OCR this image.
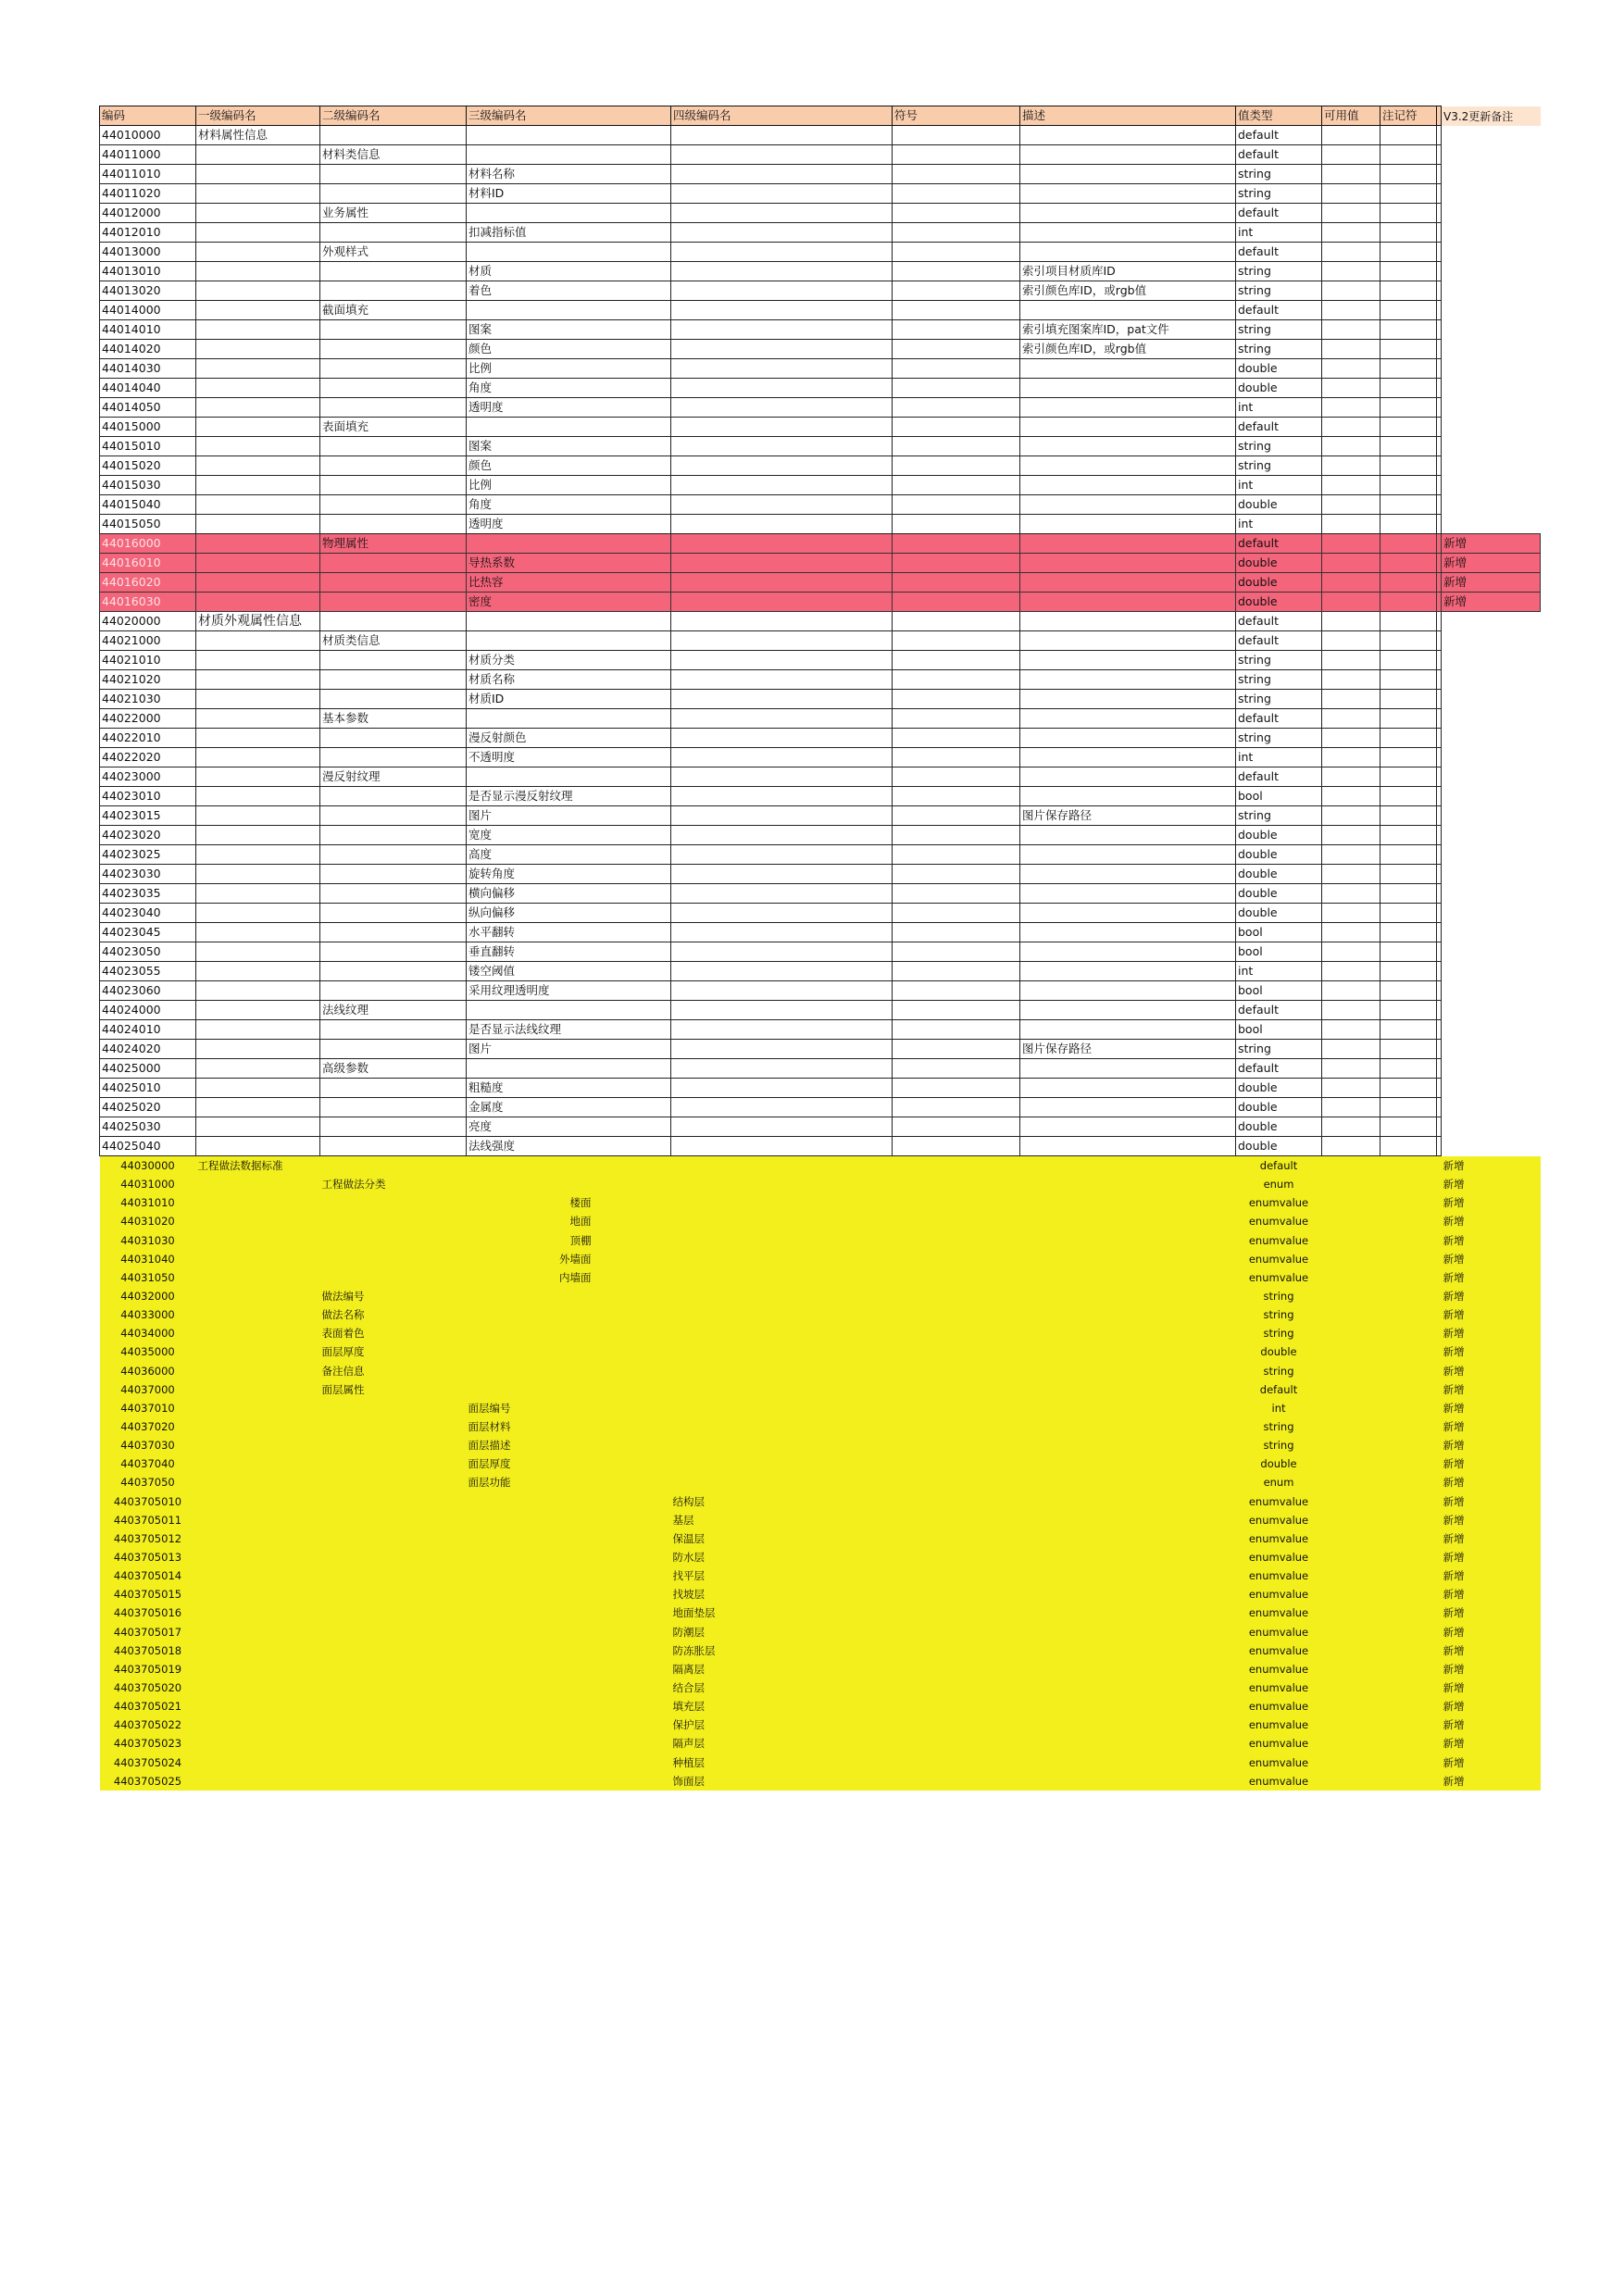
编码	一级编码名	二级编码名	三级编码名	四级编码名	符号	描述	值类型	可用值	注记符		V3.2更新备注
44010000	材料属性信息						default				
44011000		材料类信息					default				
44011010			材料名称				string				
44011020			材料ID				string				
44012000		业务属性					default				
44012010			扣减指标值				int				
44013000		外观样式					default				
44013010			材质			索引项目材质库ID	string				
44013020			着色			索引颜色库ID，或rgb值	string				
44014000		截面填充					default				
44014010			图案			索引填充图案库ID，pat文件	string				
44014020			颜色			索引颜色库ID，或rgb值	string				
44014030			比例				double				
44014040			角度				double				
44014050			透明度				int				
44015000		表面填充					default				
44015010			图案				string				
44015020			颜色				string				
44015030			比例				int				
44015040			角度				double				
44015050			透明度				int				
44016000		物理属性					default				新增
44016010			导热系数				double				新增
44016020			比热容				double				新增
44016030			密度				double				新增
44020000	材质外观属性信息						default				
44021000		材质类信息					default				
44021010			材质分类				string				
44021020			材质名称				string				
44021030			材质ID				string				
44022000		基本参数					default				
44022010			漫反射颜色				string				
44022020			不透明度				int				
44023000		漫反射纹理					default				
44023010			是否显示漫反射纹理				bool				
44023015			图片			图片保存路径	string				
44023020			宽度				double				
44023025			高度				double				
44023030			旋转角度				double				
44023035			横向偏移				double				
44023040			纵向偏移				double				
44023045			水平翻转				bool				
44023050			垂直翻转				bool				
44023055			镂空阈值				int				
44023060			采用纹理透明度				bool				
44024000		法线纹理					default				
44024010			是否显示法线纹理				bool				
44024020			图片			图片保存路径	string				
44025000		高级参数					default				
44025010			粗糙度				double				
44025020			金属度				double				
44025030			亮度				double				
44025040			法线强度				double				
44030000	工程做法数据标准						default				新增
44031000		工程做法分类					enum				新增
44031010			楼面				enumvalue				新增
44031020			地面				enumvalue				新增
44031030			顶棚				enumvalue				新增
44031040			外墙面				enumvalue				新增
44031050			内墙面				enumvalue				新增
44032000		做法编号					string				新增
44033000		做法名称					string				新增
44034000		表面着色					string				新增
44035000		面层厚度					double				新增
44036000		备注信息					string				新增
44037000		面层属性					default				新增
44037010			面层编号				int				新增
44037020			面层材料				string				新增
44037030			面层描述				string				新增
44037040			面层厚度				double				新增
44037050			面层功能				enum				新增
4403705010				结构层			enumvalue				新增
4403705011				基层			enumvalue				新增
4403705012				保温层			enumvalue				新增
4403705013				防水层			enumvalue				新增
4403705014				找平层			enumvalue				新增
4403705015				找坡层			enumvalue				新增
4403705016				地面垫层			enumvalue				新增
4403705017				防潮层			enumvalue				新增
4403705018				防冻胀层			enumvalue				新增
4403705019				隔离层			enumvalue				新增
4403705020				结合层			enumvalue				新增
4403705021				填充层			enumvalue				新增
4403705022				保护层			enumvalue				新增
4403705023				隔声层			enumvalue				新增
4403705024				种植层			enumvalue				新增
4403705025				饰面层			enumvalue				新增
